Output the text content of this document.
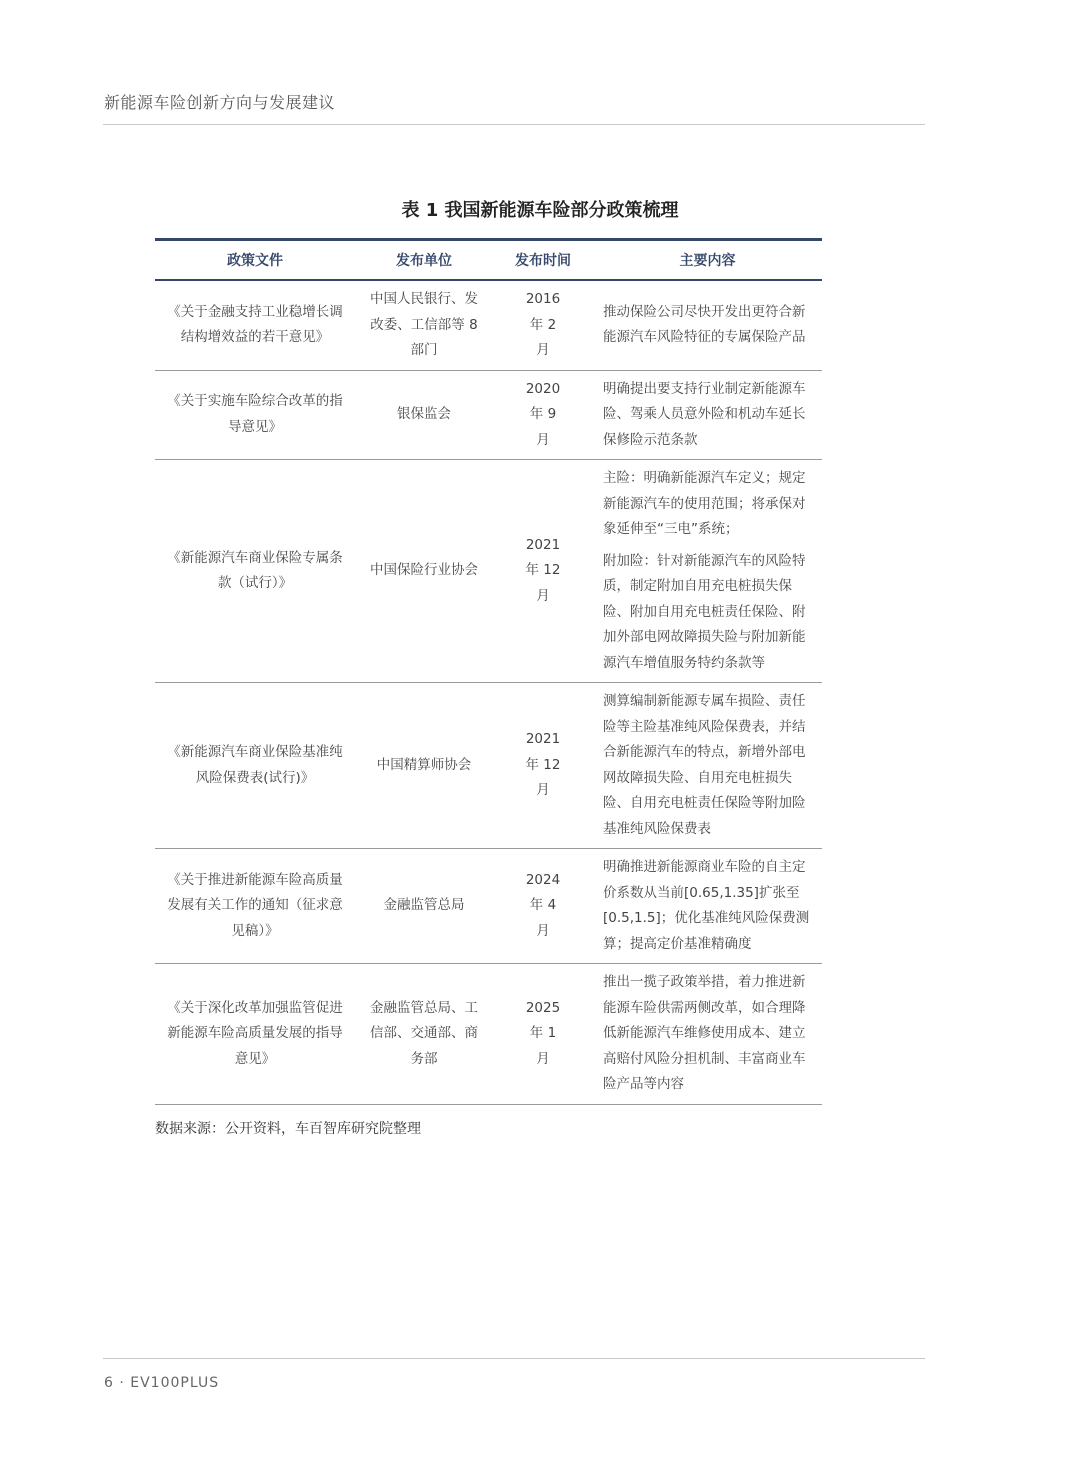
新能源车险创新方向与发展建议
表 1 我国新能源车险部分政策梳理
政策文件	发布单位	发布时间	主要内容
《关于金融支持工业稳增长调结构增效益的若干意见》	中国人民银行、发改委、工信部等 8 部门	2016 年 2 月	推动保险公司尽快开发出更符合新能源汽车风险特征的专属保险产品

《关于实施车险综合改革的指导意见》	银保监会	2020 年 9 月	明确提出要支持行业制定新能源车险、驾乘人员意外险和机动车延长保修险示范条款

《新能源汽车商业保险专属条款（试行）》	中国保险行业协会	2021 年 12 月	主险：明确新能源汽车定义；规定新能源汽车的使用范围；将承保对象延伸至“三电”系统；
附加险：针对新能源汽车的风险特质，制定附加自用充电桩损失保险、附加自用充电桩责任保险、附加外部电网故障损失险与附加新能源汽车增值服务特约条款等

《新能源汽车商业保险基准纯风险保费表(试行)》	中国精算师协会	2021 年 12 月	测算编制新能源专属车损险、责任险等主险基准纯风险保费表，并结合新能源汽车的特点，新增外部电网故障损失险、自用充电桩损失险、自用充电桩责任保险等附加险基准纯风险保费表

《关于推进新能源车险高质量发展有关工作的通知（征求意见稿）》	金融监管总局	2024 年 4 月	明确推进新能源商业车险的自主定价系数从当前[0.65,1.35]扩张至[0.5,1.5]；优化基准纯风险保费测算；提高定价基准精确度

《关于深化改革加强监管促进新能源车险高质量发展的指导意见》	金融监管总局、工信部、交通部、商务部	2025 年 1 月	推出一揽子政策举措，着力推进新能源车险供需两侧改革，如合理降低新能源汽车维修使用成本、建立高赔付风险分担机制、丰富商业车险产品等内容
数据来源：公开资料，车百智库研究院整理
6 · EV100PLUS
